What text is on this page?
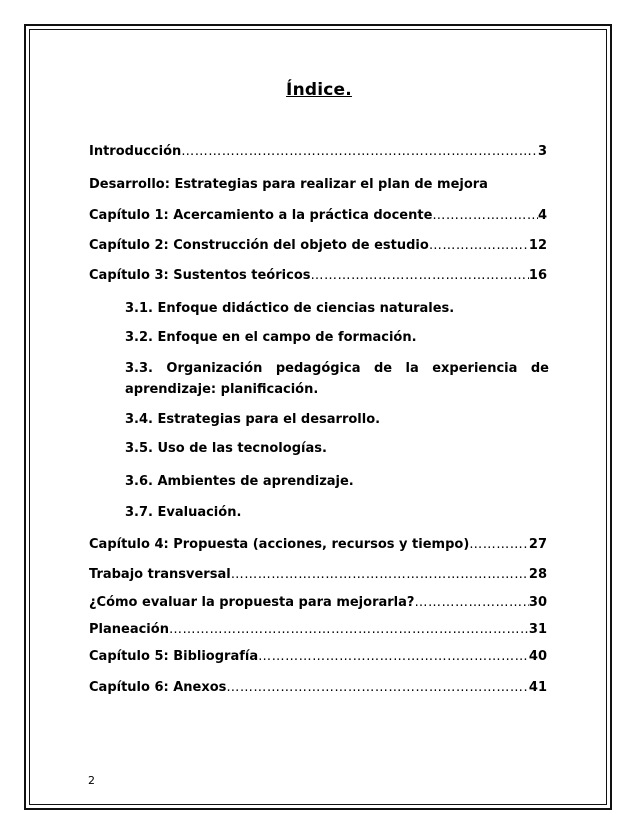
Índice.
Introducción ………………………………………………………………………………………………………………	3
Desarrollo: Estrategias para realizar el plan de mejora
Capítulo 1: Acercamiento a la práctica docente ………………………………………………………………………………………………………………	4
Capítulo 2: Construcción del objeto de estudio ………………………………………………………………………………………………………………	12
Capítulo 3: Sustentos teóricos ………………………………………………………………………………………………………………	16
3.1. Enfoque didáctico de ciencias naturales.
3.2. Enfoque en el campo de formación.
3.3. Organización pedagógica de la experiencia de
aprendizaje: planificación.
3.4. Estrategias para el desarrollo.
3.5. Uso de las tecnologías.
3.6. Ambientes de aprendizaje.
3.7. Evaluación.
Capítulo 4: Propuesta (acciones, recursos y tiempo) ………………………………………………………………………………………………………………	27
Trabajo transversal ………………………………………………………………………………………………………………	28
¿Cómo evaluar la propuesta para mejorarla? ………………………………………………………………………………………………………………	30
Planeación ………………………………………………………………………………………………………………	31
Capítulo 5: Bibliografía ………………………………………………………………………………………………………………	40
Capítulo 6: Anexos ………………………………………………………………………………………………………………	41
2
